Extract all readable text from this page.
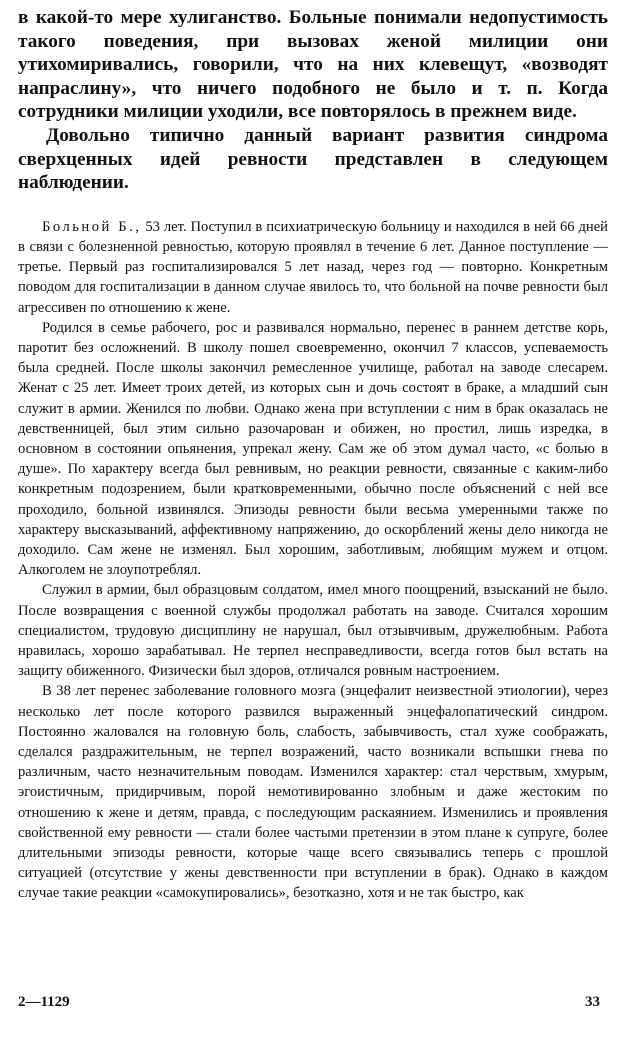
в какой-то мере хулиганство. Больные понимали недопустимость такого поведения, при вызовах женой милиции они утихомиривались, говорили, что на них клевещут, «возводят напраслину», что ничего подобного не было и т. п. Когда сотрудники милиции уходили, все повторялось в прежнем виде.

Довольно типично данный вариант развития синдрома сверхценных идей ревности представлен в следующем наблюдении.

Больной Б., 53 лет. Поступил в психиатрическую больницу и находился в ней 66 дней в связи с болезненной ревностью, которую проявлял в течение 6 лет. Данное поступление — третье. Первый раз госпитализировался 5 лет назад, через год — повторно. Конкретным поводом для госпитализации в данном случае явилось то, что больной на почве ревности был агрессивен по отношению к жене.

Родился в семье рабочего, рос и развивался нормально, перенес в раннем детстве корь, паротит без осложнений. В школу пошел своевременно, окончил 7 классов, успеваемость была средней. После школы закончил ремесленное училище, работал на заводе слесарем. Женат с 25 лет. Имеет троих детей, из которых сын и дочь состоят в браке, а младший сын служит в армии. Женился по любви. Однако жена при вступлении с ним в брак оказалась не девственницей, был этим сильно разочарован и обижен, но простил, лишь изредка, в основном в состоянии опьянения, упрекал жену. Сам же об этом думал часто, «с болью в душе». По характеру всегда был ревнивым, но реакции ревности, связанные с каким-либо конкретным подозрением, были кратковременными, обычно после объяснений с ней все проходило, больной извинялся. Эпизоды ревности были весьма умеренными также по характеру высказываний, аффективному напряжению, до оскорблений жены дело никогда не доходило. Сам жене не изменял. Был хорошим, заботливым, любящим мужем и отцом. Алкоголем не злоупотреблял.

Служил в армии, был образцовым солдатом, имел много поощрений, взысканий не было. После возвращения с военной службы продолжал работать на заводе. Считался хорошим специалистом, трудовую дисциплину не нарушал, был отзывчивым, дружелюбным. Работа нравилась, хорошо зарабатывал. Не терпел несправедливости, всегда готов был встать на защиту обиженного. Физически был здоров, отличался ровным настроением.

В 38 лет перенес заболевание головного мозга (энцефалит неизвестной этиологии), через несколько лет после которого развился выраженный энцефалопатический синдром. Постоянно жаловался на головную боль, слабость, забывчивость, стал хуже соображать, сделался раздражительным, не терпел возражений, часто возникали вспышки гнева по различным, часто незначительным поводам. Изменился характер: стал черствым, хмурым, эгоистичным, придирчивым, порой немотивированно злобным и даже жестоким по отношению к жене и детям, правда, с последующим раскаянием. Изменились и проявления свойственной ему ревности — стали более частыми претензии в этом плане к супруге, более длительными эпизоды ревности, которые чаще всего связывались теперь с прошлой ситуацией (отсутствие у жены девственности при вступлении в брак). Однако в каждом случае такие реакции «самокупировались», безотказно, хотя и не так быстро, как

2—1129	33
